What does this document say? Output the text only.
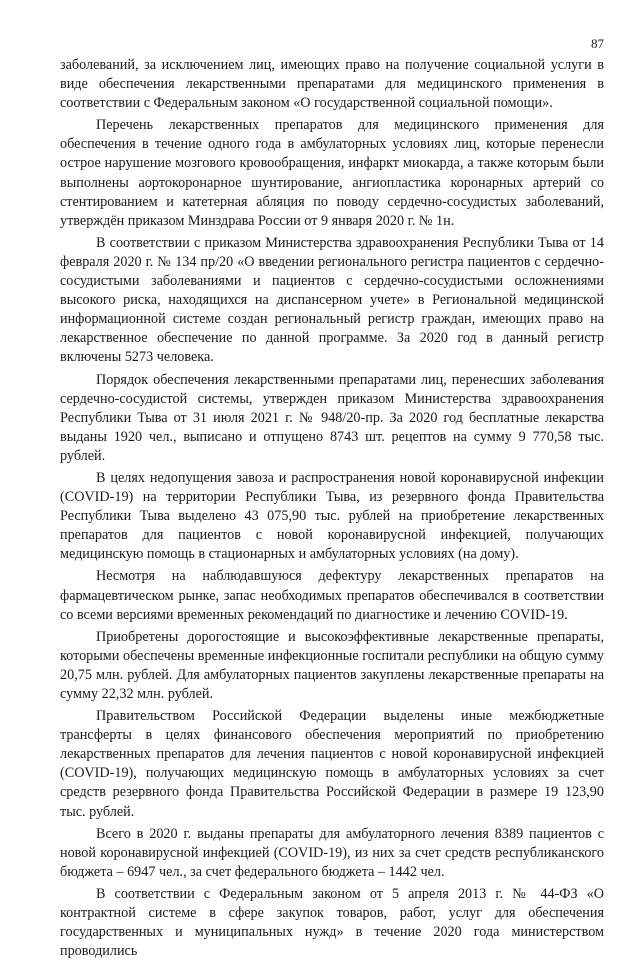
87

заболеваний, за исключением лиц, имеющих право на получение социальной услуги в виде обеспечения лекарственными препаратами для медицинского применения в соответствии с Федеральным законом «О государственной социальной помощи».

Перечень лекарственных препаратов для медицинского применения для обеспечения в течение одного года в амбулаторных условиях лиц, которые перенесли острое нарушение мозгового кровообращения, инфаркт миокарда, а также которым были выполнены аортокоронарное шунтирование, ангиопластика коронарных артерий со стентированием и катетерная абляция по поводу сердечно-сосудистых заболеваний, утверждён приказом Минздрава России от 9 января 2020 г. № 1н.

В соответствии с приказом Министерства здравоохранения Республики Тыва от 14 февраля 2020 г. № 134 пр/20 «О введении регионального регистра пациентов с сердечно-сосудистыми заболеваниями и пациентов с сердечно-сосудистыми осложнениями высокого риска, находящихся на диспансерном учете» в Региональной медицинской информационной системе создан региональный регистр граждан, имеющих право на лекарственное обеспечение по данной программе. За 2020 год в данный регистр включены 5273 человека.

Порядок обеспечения лекарственными препаратами лиц, перенесших заболевания сердечно-сосудистой системы, утвержден приказом Министерства здравоохранения Республики Тыва от 31 июля 2021 г. № 948/20-пр. За 2020 год бесплатные лекарства выданы 1920 чел., выписано и отпущено 8743 шт. рецептов на сумму 9 770,58 тыс. рублей.

В целях недопущения завоза и распространения новой коронавирусной инфекции (COVID-19) на территории Республики Тыва, из резервного фонда Правительства Республики Тыва выделено 43 075,90 тыс. рублей на приобретение лекарственных препаратов для пациентов с новой коронавирусной инфекцией, получающих медицинскую помощь в стационарных и амбулаторных условиях (на дому).

Несмотря на наблюдавшуюся дефектуру лекарственных препаратов на фармацевтическом рынке, запас необходимых препаратов обеспечивался в соответствии со всеми версиями временных рекомендаций по диагностике и лечению COVID-19.

Приобретены дорогостоящие и высокоэффективные лекарственные препараты, которыми обеспечены временные инфекционные госпитали республики на общую сумму 20,75 млн. рублей. Для амбулаторных пациентов закуплены лекарственные препараты на сумму 22,32 млн. рублей.

Правительством Российской Федерации выделены иные межбюджетные трансферты в целях финансового обеспечения мероприятий по приобретению лекарственных препаратов для лечения пациентов с новой коронавирусной инфекцией (COVID-19), получающих медицинскую помощь в амбулаторных условиях за счет средств резервного фонда Правительства Российской Федерации в размере 19 123,90 тыс. рублей.

Всего в 2020 г. выданы препараты для амбулаторного лечения 8389 пациентов с новой коронавирусной инфекцией (COVID-19), из них за счет средств республиканского бюджета – 6947 чел., за счет федерального бюджета – 1442 чел.

В соответствии с Федеральным законом от 5 апреля 2013 г. № 44-ФЗ «О контрактной системе в сфере закупок товаров, работ, услуг для обеспечения государственных и муниципальных нужд» в течение 2020 года министерством проводились
